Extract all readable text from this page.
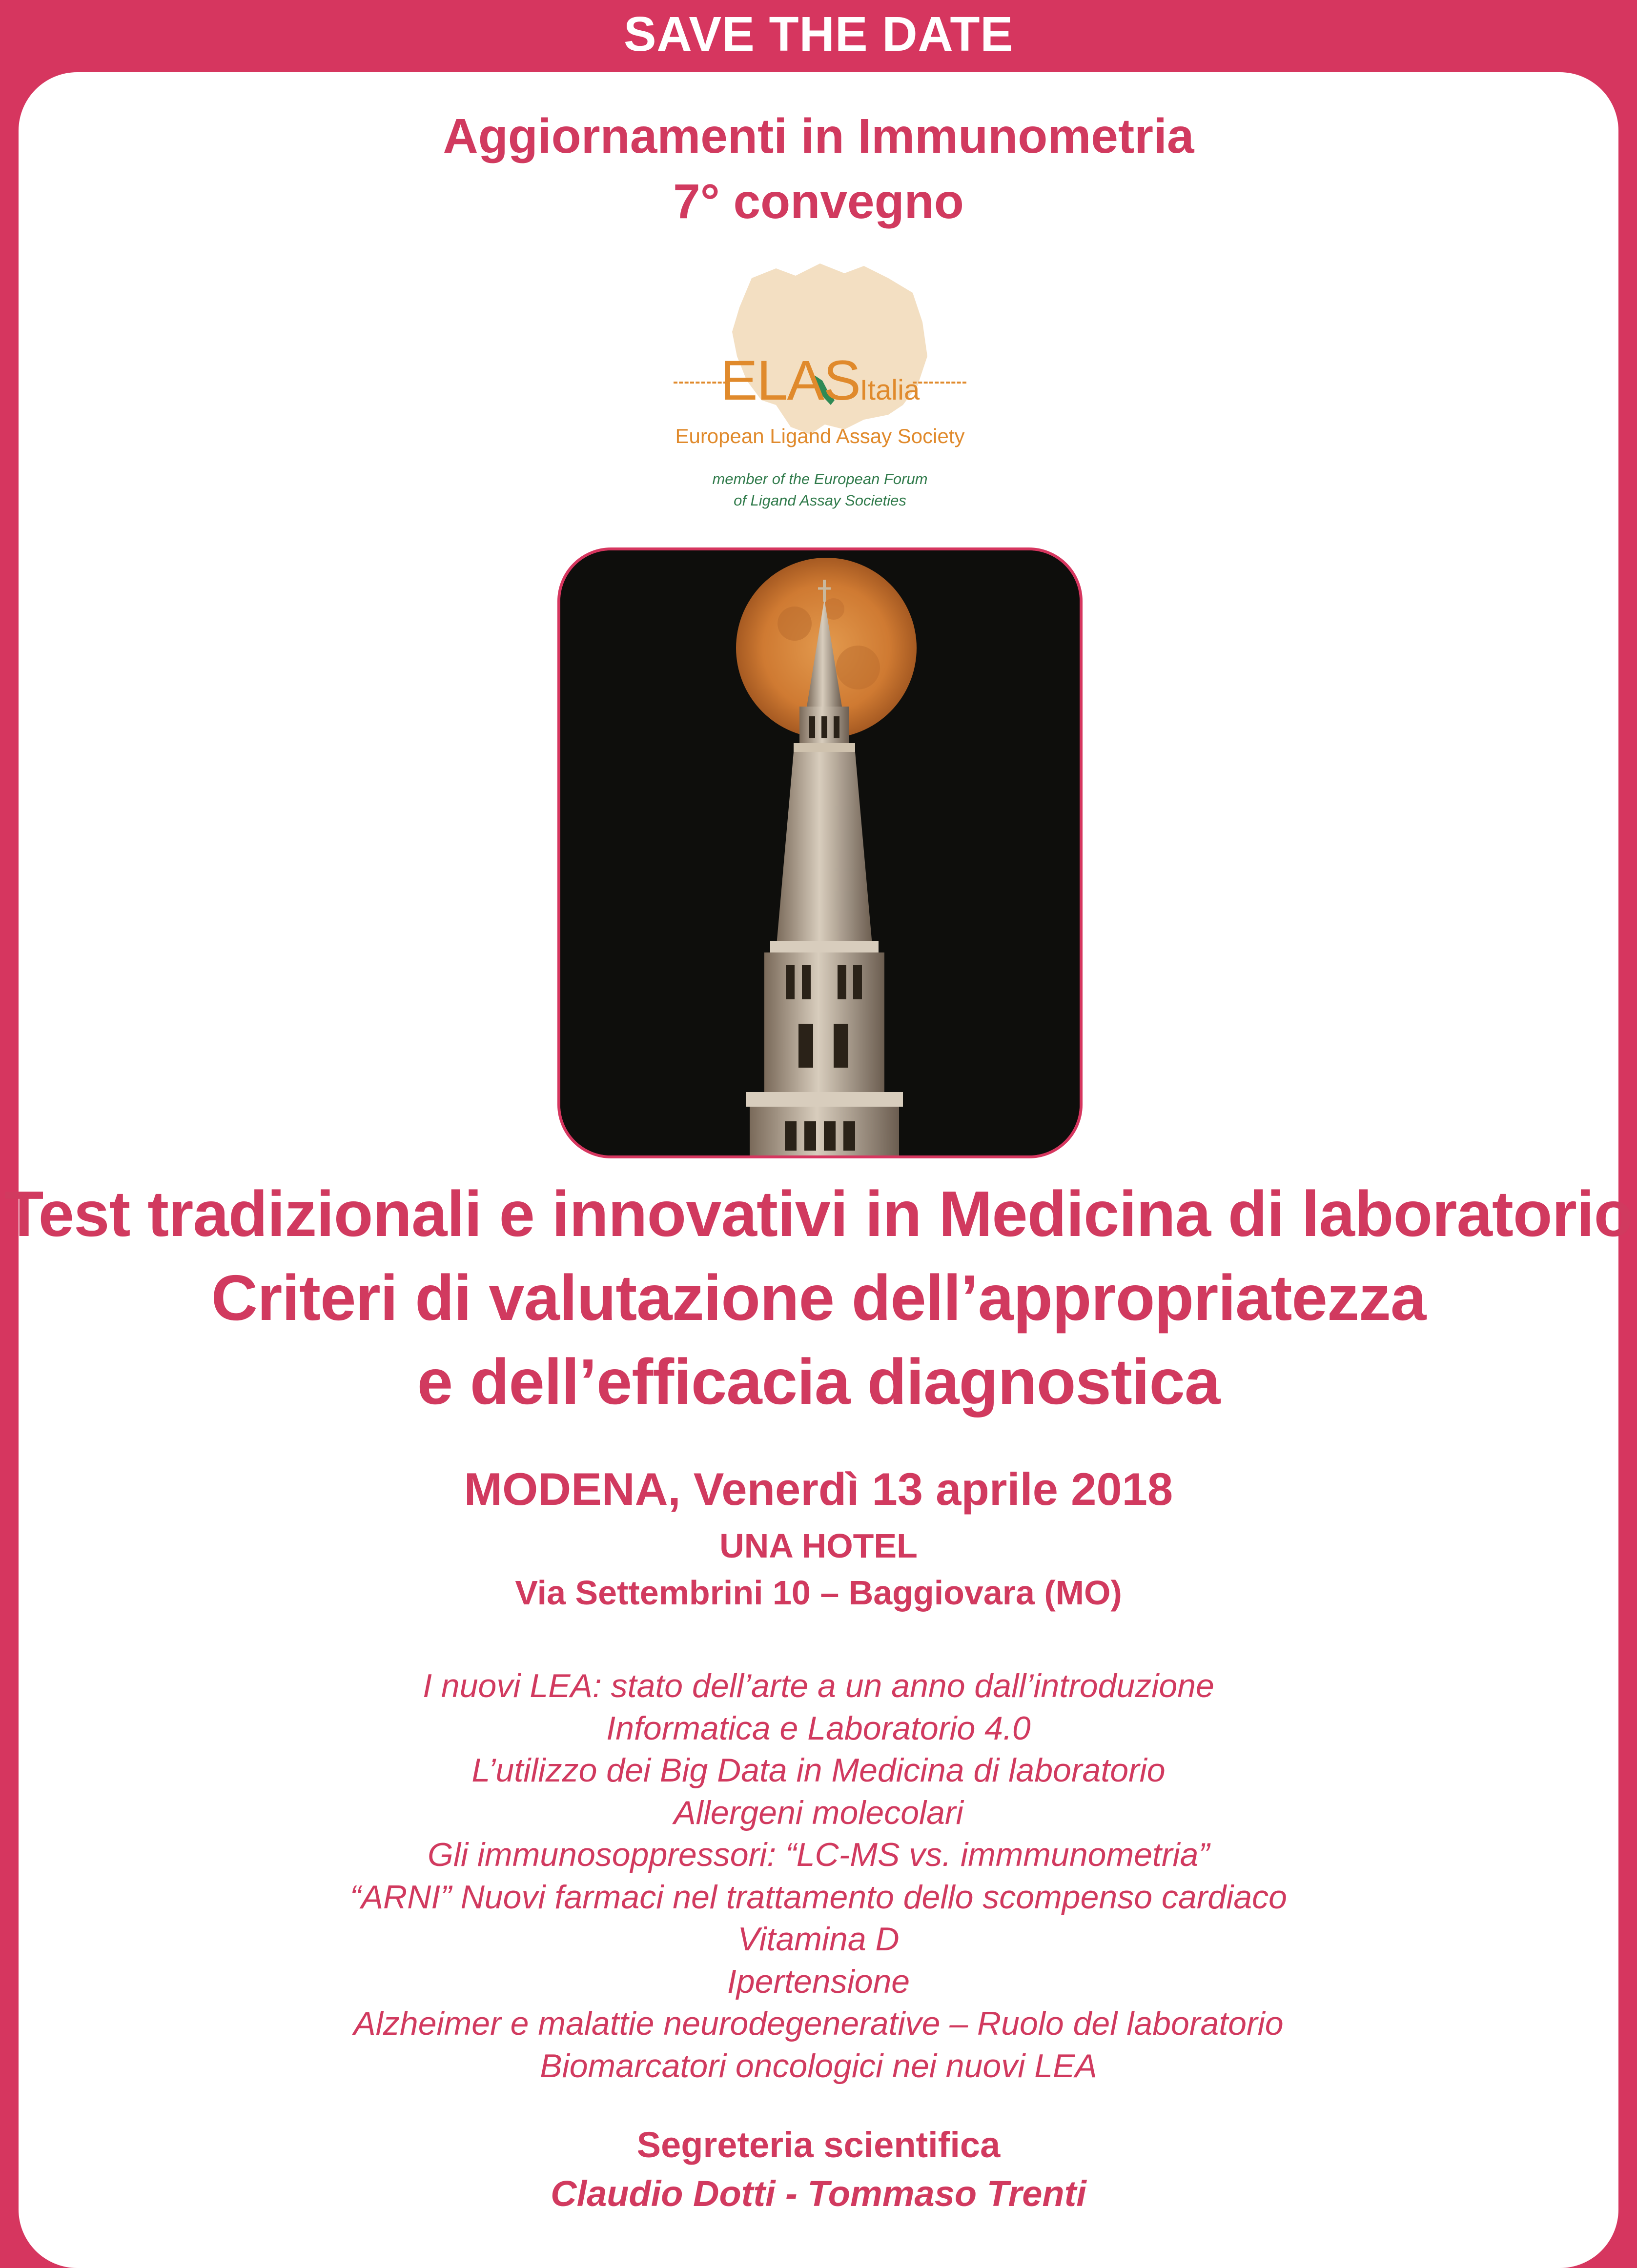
SAVE THE DATE
Aggiornamenti in Immunometria
7° convegno
ELASItalia
European Ligand Assay Society
member of the European Forum
of Ligand Assay Societies
Test tradizionali e innovativi in Medicina di laboratorio
Criteri di valutazione dell’appropriatezza
e dell’efficacia diagnostica
MODENA, Venerdì 13 aprile 2018
UNA HOTEL
Via Settembrini 10 – Baggiovara (MO)
I nuovi LEA: stato dell’arte a un anno dall’introduzione
Informatica e Laboratorio 4.0
L’utilizzo dei Big Data in Medicina di laboratorio
Allergeni molecolari
Gli immunosoppressori: “LC-MS vs. immmunometria”
“ARNI” Nuovi farmaci nel trattamento dello scompenso cardiaco
Vitamina D
Ipertensione
Alzheimer e malattie neurodegenerative – Ruolo del laboratorio
Biomarcatori oncologici nei nuovi LEA
Segreteria scientifica
Claudio Dotti - Tommaso Trenti
